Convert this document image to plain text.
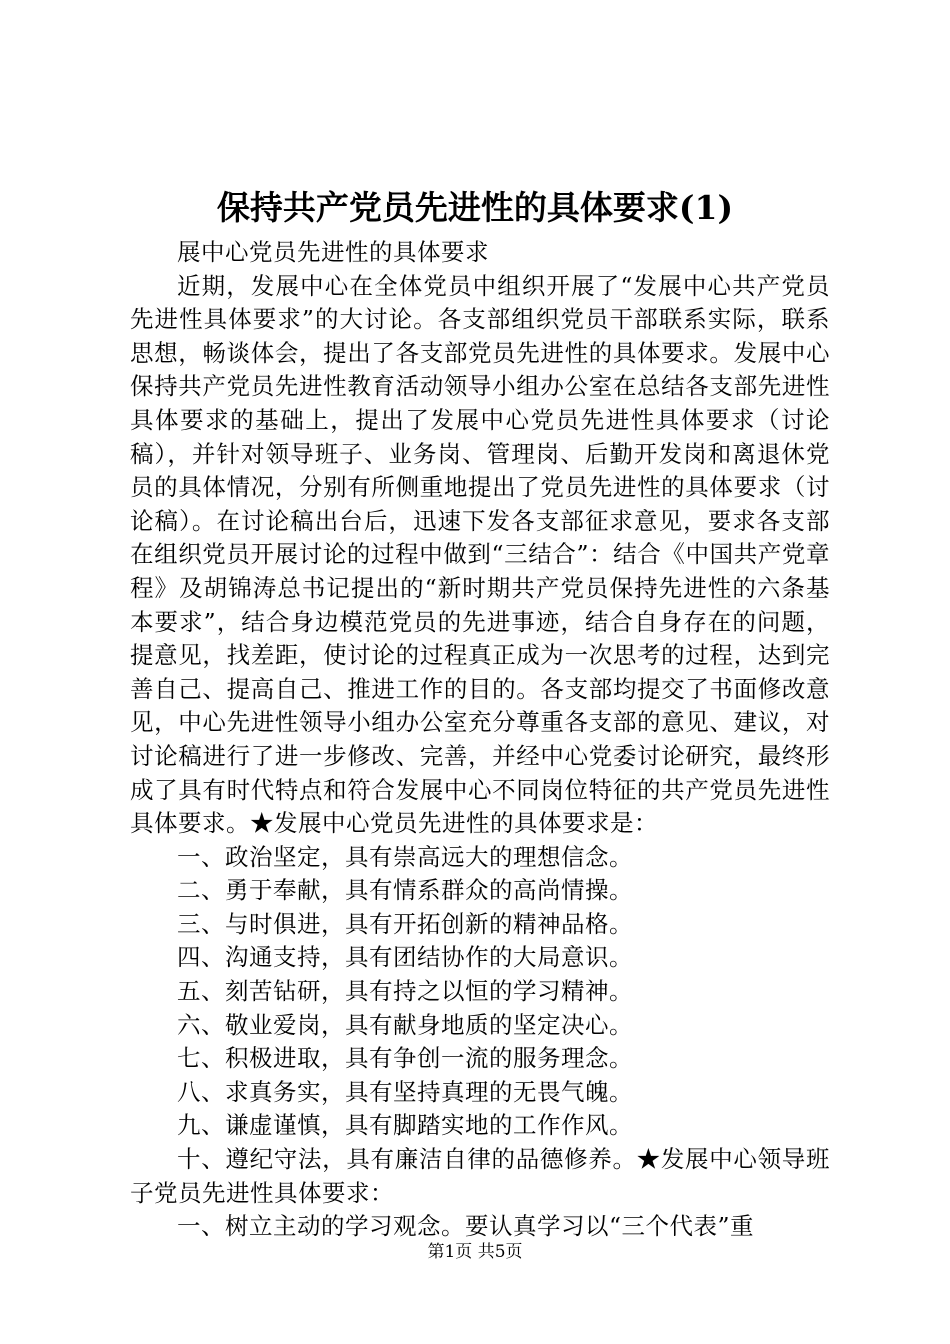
保持共产党员先进性的具体要求(1)

展中心党员先进性的具体要求

近期，发展中心在全体党员中组织开展了“发展中心共产党员先进性具体要求”的大讨论。各支部组织党员干部联系实际，联系思想，畅谈体会，提出了各支部党员先进性的具体要求。发展中心保持共产党员先进性教育活动领导小组办公室在总结各支部先进性具体要求的基础上，提出了发展中心党员先进性具体要求（讨论稿），并针对领导班子、业务岗、管理岗、后勤开发岗和离退休党员的具体情况，分别有所侧重地提出了党员先进性的具体要求（讨论稿）。在讨论稿出台后，迅速下发各支部征求意见，要求各支部在组织党员开展讨论的过程中做到“三结合”：结合《中国共产党章程》及胡锦涛总书记提出的“新时期共产党员保持先进性的六条基本要求”，结合身边模范党员的先进事迹，结合自身存在的问题，提意见，找差距，使讨论的过程真正成为一次思考的过程，达到完善自己、提高自己、推进工作的目的。各支部均提交了书面修改意见，中心先进性领导小组办公室充分尊重各支部的意见、建议，对讨论稿进行了进一步修改、完善，并经中心党委讨论研究，最终形成了具有时代特点和符合发展中心不同岗位特征的共产党员先进性具体要求。★发展中心党员先进性的具体要求是：

一、政治坚定，具有崇高远大的理想信念。

二、勇于奉献，具有情系群众的高尚情操。

三、与时俱进，具有开拓创新的精神品格。

四、沟通支持，具有团结协作的大局意识。

五、刻苦钻研，具有持之以恒的学习精神。

六、敬业爱岗，具有献身地质的坚定决心。

七、积极进取，具有争创一流的服务理念。

八、求真务实，具有坚持真理的无畏气魄。

九、谦虚谨慎，具有脚踏实地的工作作风。

十、遵纪守法，具有廉洁自律的品德修养。★发展中心领导班子党员先进性具体要求：

一、树立主动的学习观念。要认真学习以“三个代表”重

第1页 共5页
